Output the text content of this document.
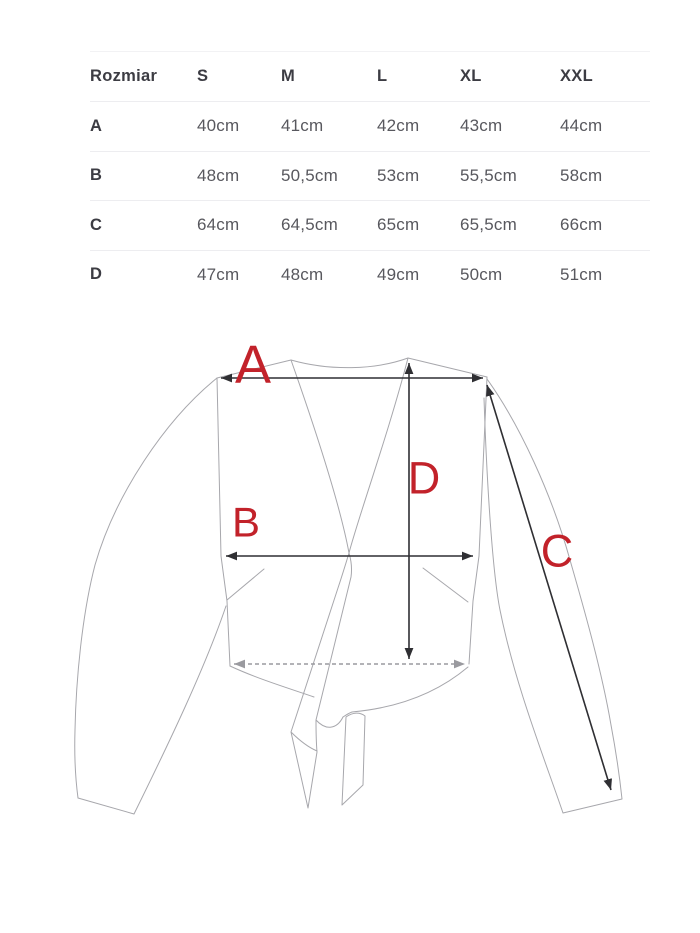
Rozmiar	S	M	L	XL	XXL
A	40cm	41cm	42cm	43cm	44cm
B	48cm	50,5cm	53cm	55,5cm	58cm
C	64cm	64,5cm	65cm	65,5cm	66cm
D	47cm	48cm	49cm	50cm	51cm
A
B
C
D
